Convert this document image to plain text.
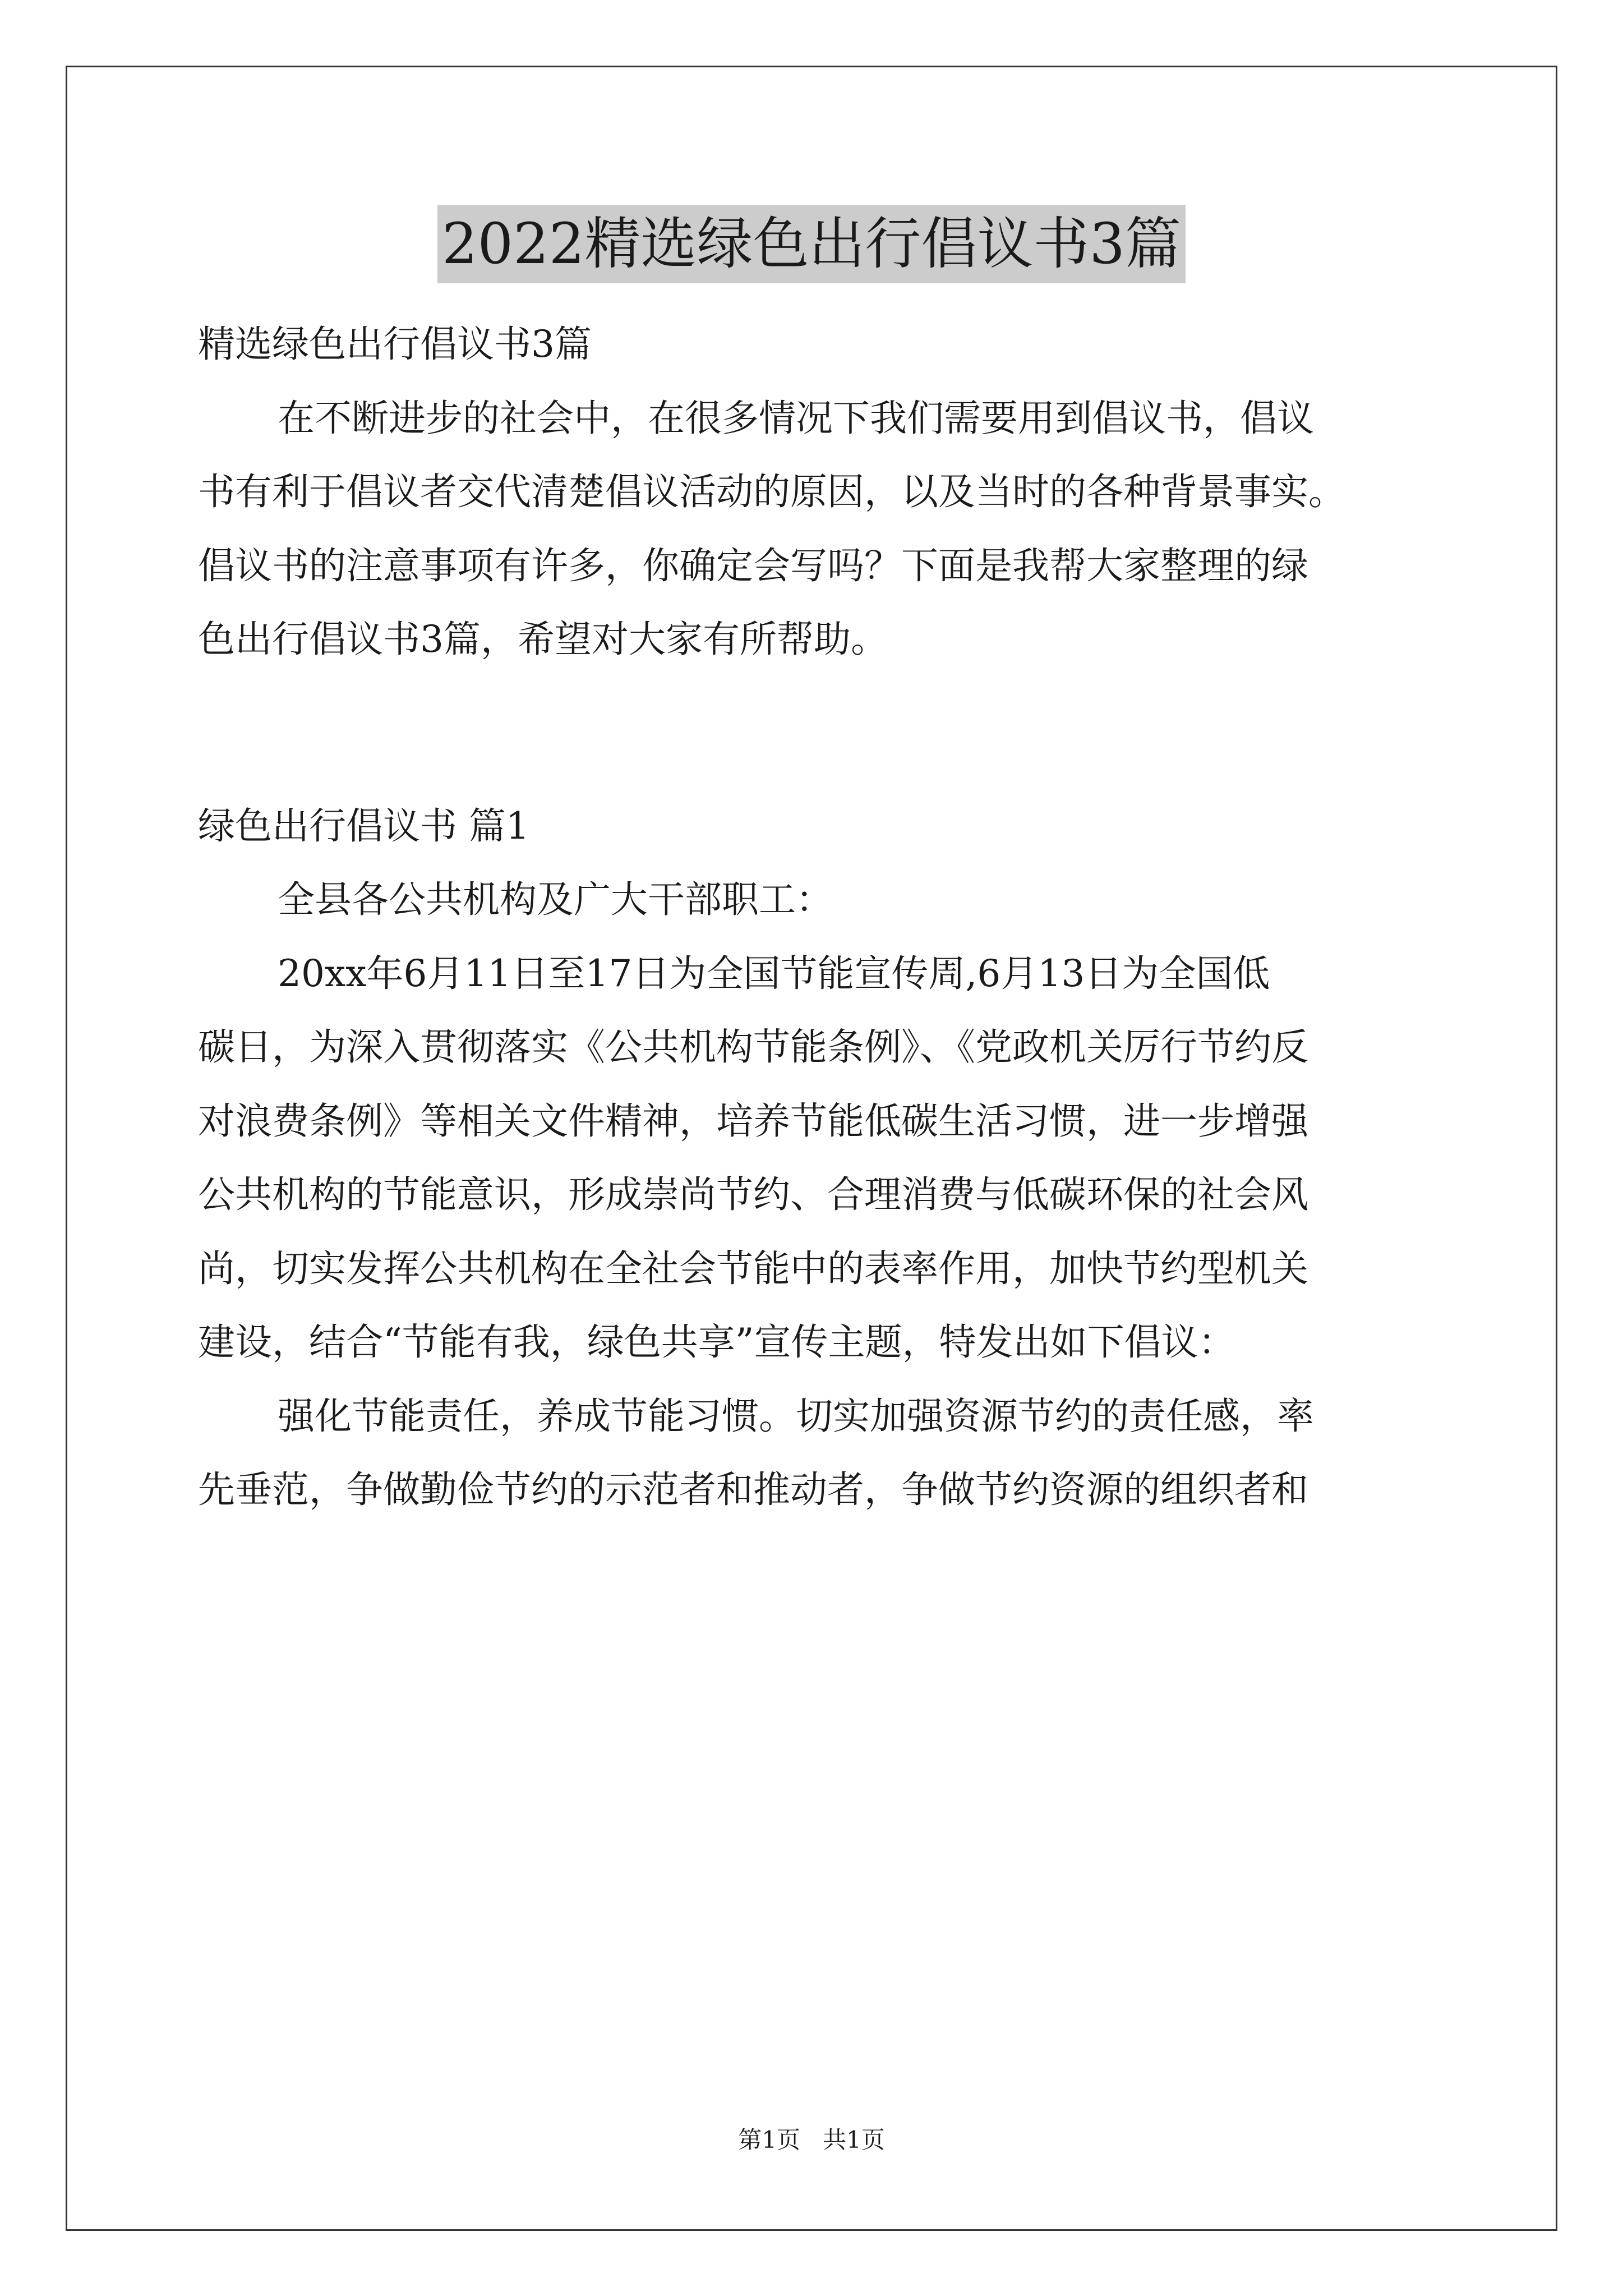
2022精选绿色出行倡议书3篇

精选绿色出行倡议书3篇

在不断进步的社会中，在很多情况下我们需要用到倡议书，倡议

书有利于倡议者交代清楚倡议活动的原因，以及当时的各种背景事实。

倡议书的注意事项有许多，你确定会写吗？下面是我帮大家整理的绿

色出行倡议书3篇，希望对大家有所帮助。

绿色出行倡议书 篇1

全县各公共机构及广大干部职工：

20xx年6月11日至17日为全国节能宣传周,6月13日为全国低

碳日，为深入贯彻落实《公共机构节能条例》、《党政机关厉行节约反

对浪费条例》等相关文件精神，培养节能低碳生活习惯，进一步增强

公共机构的节能意识，形成崇尚节约、合理消费与低碳环保的社会风

尚，切实发挥公共机构在全社会节能中的表率作用，加快节约型机关

建设，结合“节能有我，绿色共享”宣传主题，特发出如下倡议：

强化节能责任，养成节能习惯。切实加强资源节约的责任感，率

先垂范，争做勤俭节约的示范者和推动者，争做节约资源的组织者和

第1页   共1页
